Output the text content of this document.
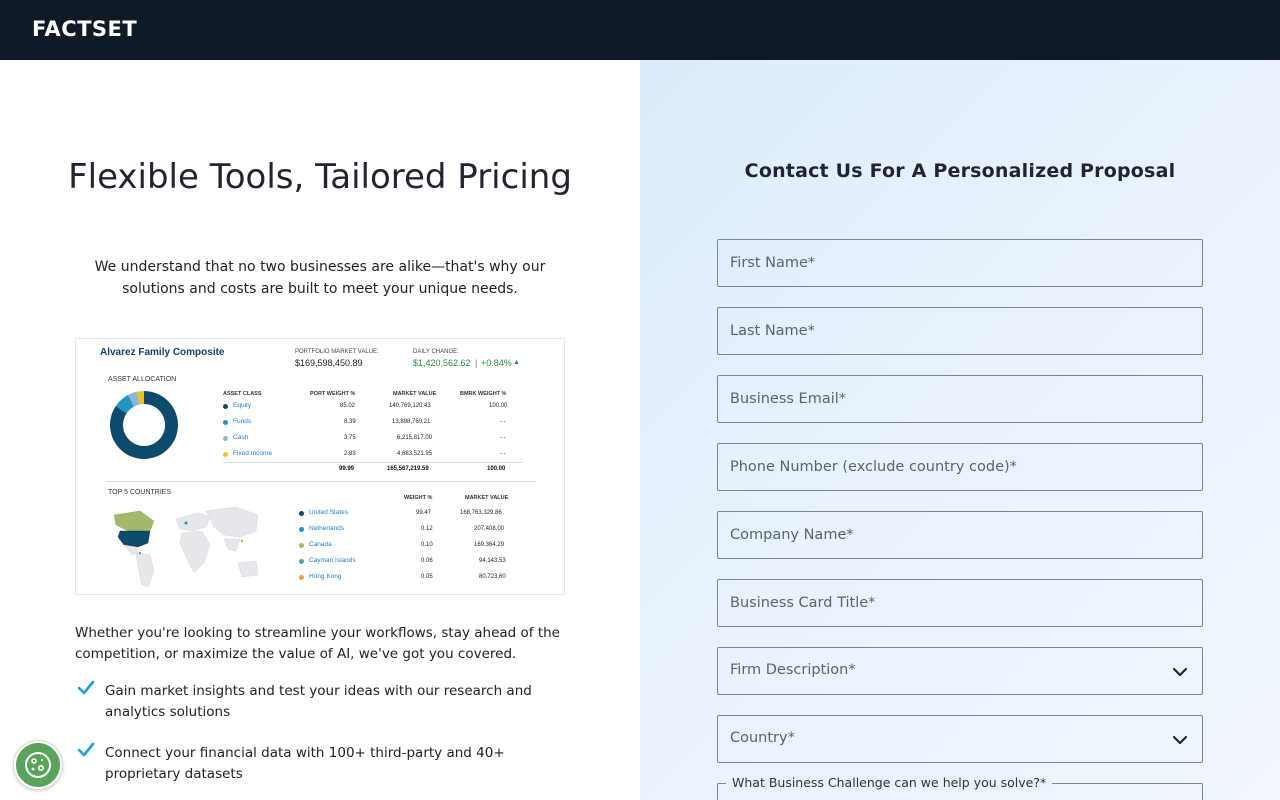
FACTSET
Flexible Tools, Tailored Pricing

We understand that no two businesses are alike—that's why our solutions and costs are built to meet your unique needs.

Alvarez Family Composite	PORTFOLIO MARKET VALUE:
$169,598,450.89
DAILY CHANGE:
$1,420,562.62 | +0.84% ▲
ASSET ALLOCATION
ASSET CLASS	PORT WEIGHT %	MARKET VALUE	BMRK WEIGHT %
Equity	85.02	140,769,120.43	100.00
Funds	8.39	13,898,760.21	- -
Cash	3.75	6,215,817.00	- -
Fixed Income	2.83	4,683,521.95	- -
99.99	165,567,219.59	100.00
TOP 5 COUNTRIES
WEIGHT %	MARKET VALUE
United States	99.47	168,763,329.86
Netherlands	0.12	207,408.00
Canada	0.10	169,364.29
Cayman Islands	0.06	94,143.53
Hong Kong	0.05	80,723.60

Whether you're looking to streamline your workflows, stay ahead of the competition, or maximize the value of AI, we've got you covered.

Gain market insights and test your ideas with our research and analytics solutions
Connect your financial data with 100+ third-party and 40+ proprietary datasets
Contact Us For A Personalized Proposal
First Name*
Last Name*
Business Email*
Phone Number (exclude country code)*
Company Name*
Business Card Title*
Firm Description*
Country*
What Business Challenge can we help you solve?*
